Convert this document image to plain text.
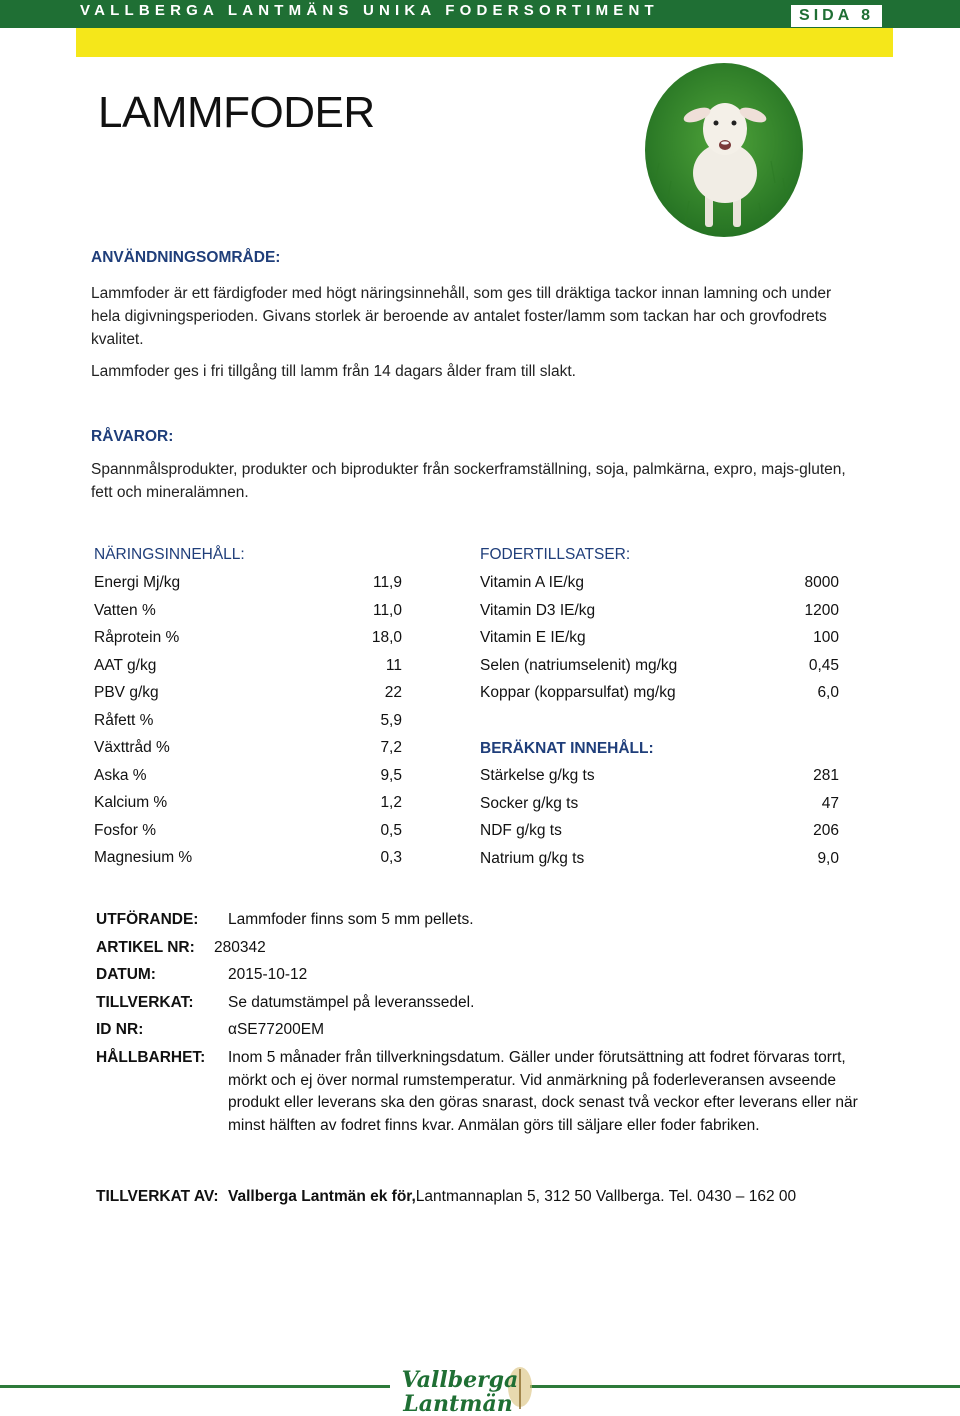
VALLBERGA LANTMÄNS UNIKA FODERSORTIMENT	SIDA 8
LAMMFODER
ANVÄNDNINGSOMRÅDE:
Lammfoder är ett färdigfoder med högt näringsinnehåll, som ges till dräktiga tackor innan lamning och under hela digivningsperioden. Givans storlek är beroende av antalet foster/lamm som tackan har och grovfodrets kvalitet.
Lammfoder ges i fri tillgång till lamm från 14 dagars ålder fram till slakt.
RÅVAROR:
Spannmålsprodukter, produkter och biprodukter från sockerframställning, soja, palmkärna, expro, majs-gluten, fett och mineralämnen.
NÄRINGSINNEHÅLL:
Energi Mj/kg	11,9
Vatten %	11,0
Råprotein %	18,0
AAT g/kg	11
PBV g/kg	22
Råfett %	5,9
Växttråd %	7,2
Aska %	9,5
Kalcium %	1,2
Fosfor %	0,5
Magnesium %	0,3
FODERTILLSATSER:
Vitamin A IE/kg	8000
Vitamin D3 IE/kg	1200
Vitamin E IE/kg	100
Selen (natriumselenit) mg/kg	0,45
Koppar (kopparsulfat) mg/kg	6,0
BERÄKNAT INNEHÅLL:
Stärkelse g/kg ts	281
Socker g/kg ts	47
NDF g/kg ts	206
Natrium g/kg ts	9,0
UTFÖRANDE: Lammfoder finns som 5 mm pellets.
ARTIKEL NR: 280342
DATUM:	2015-10-12
TILLVERKAT: Se datumstämpel på leveranssedel.
ID NR:	αSE77200EM
HÅLLBARHET: Inom 5 månader från tillverkningsdatum. Gäller under förutsättning att fodret förvaras torrt, mörkt och ej över normal rumstemperatur. Vid anmärkning på foderleveransen avseende produkt eller leverans ska den göras snarast, dock senast två veckor efter leverans eller när minst hälften av fodret finns kvar. Anmälan görs till säljare eller foder fabriken.
TILLVERKAT AV: Vallberga Lantmän ek för,Lantmannaplan 5, 312 50 Vallberga. Tel. 0430 – 162 00
Vallberga
Lantmän
